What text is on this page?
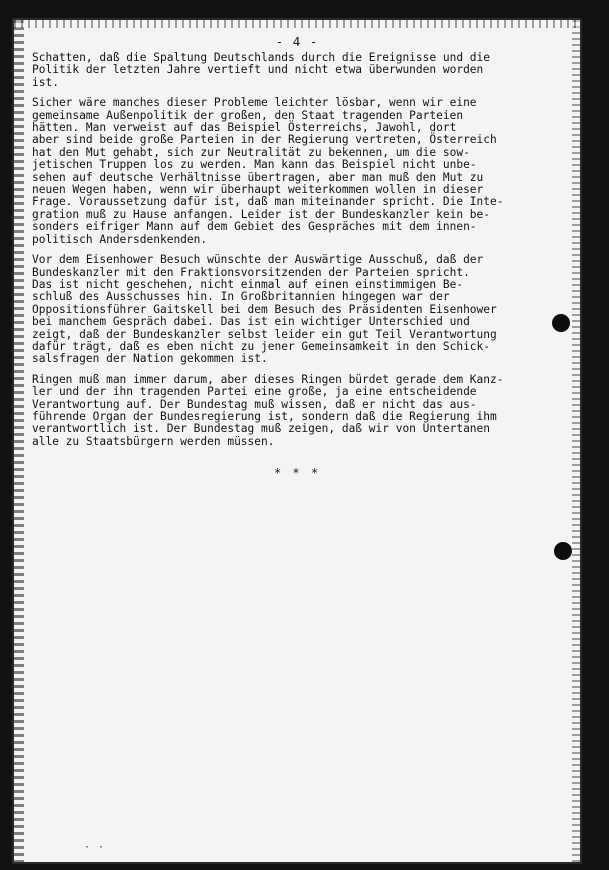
- 4 -

Schatten, daß die Spaltung Deutschlands durch die Ereignisse und die
Politik der letzten Jahre vertieft und nicht etwa überwunden worden
ist.

Sicher wäre manches dieser Probleme leichter lösbar, wenn wir eine
gemeinsame Außenpolitik der großen, den Staat tragenden Parteien
hätten. Man verweist auf das Beispiel Österreichs, Jawohl, dort
aber sind beide große Parteien in der Regierung vertreten, Österreich
hat den Mut gehabt, sich zur Neutralität zu bekennen, um die sow-
jetischen Truppen los zu werden. Man kann das Beispiel nicht unbe-
sehen auf deutsche Verhältnisse übertragen, aber man muß den Mut zu
neuen Wegen haben, wenn wir überhaupt weiterkommen wollen in dieser
Frage. Voraussetzung dafür ist, daß man miteinander spricht. Die Inte-
gration muß zu Hause anfangen. Leider ist der Bundeskanzler kein be-
sonders eifriger Mann auf dem Gebiet des Gespräches mit dem innen-
politisch Andersdenkenden.

Vor dem Eisenhower Besuch wünschte der Auswärtige Ausschuß, daß der
Bundeskanzler mit den Fraktionsvorsitzenden der Parteien spricht.
Das ist nicht geschehen, nicht einmal auf einen einstimmigen Be-
schluß des Ausschusses hin. In Großbritannien hingegen war der
Oppositionsführer Gaitskell bei dem Besuch des Präsidenten Eisenhower
bei manchem Gespräch dabei. Das ist ein wichtiger Unterschied und
zeigt, daß der Bundeskanzler selbst leider ein gut Teil Verantwortung
dafür trägt, daß es eben nicht zu jener Gemeinsamkeit in den Schick-
salsfragen der Nation gekommen ist.

Ringen muß man immer darum, aber dieses Ringen bürdet gerade dem Kanz-
ler und der ihn tragenden Partei eine große, ja eine entscheidende
Verantwortung auf. Der Bundestag muß wissen, daß er nicht das aus-
führende Organ der Bundesregierung ist, sondern daß die Regierung ihm
verantwortlich ist. Der Bundestag muß zeigen, daß wir von Untertanen
alle zu Staatsbürgern werden müssen.

* * *
· ·
